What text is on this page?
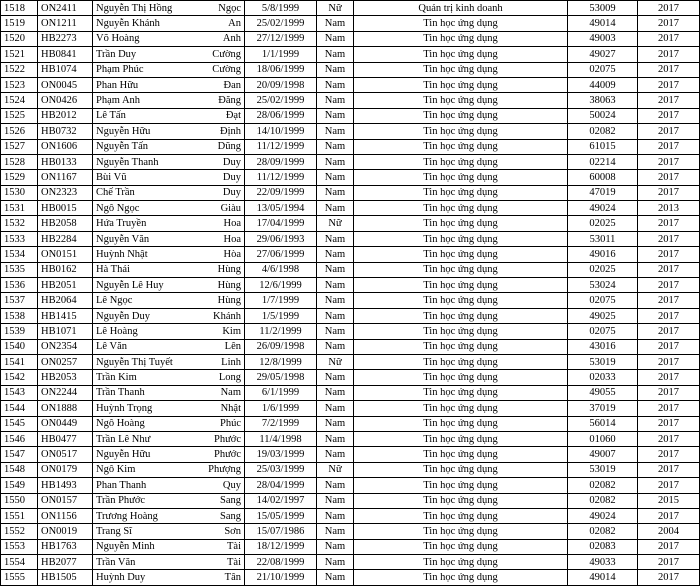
1518	ON2411	Nguyễn Thị Hồng	Ngọc	5/8/1999	Nữ	Quản trị kinh doanh	53009	2017
1519	ON1211	Nguyễn Khánh	An	25/02/1999	Nam	Tin học ứng dụng	49014	2017
1520	HB2273	Võ Hoàng	Anh	27/12/1999	Nam	Tin học ứng dụng	49003	2017
1521	HB0841	Trần Duy	Cường	1/1/1999	Nam	Tin học ứng dụng	49027	2017
1522	HB1074	Phạm Phúc	Cường	18/06/1999	Nam	Tin học ứng dụng	02075	2017
1523	ON0045	Phan Hữu	Đan	20/09/1998	Nam	Tin học ứng dụng	44009	2017
1524	ON0426	Phạm Anh	Đăng	25/02/1999	Nam	Tin học ứng dụng	38063	2017
1525	HB2012	Lê Tấn	Đạt	28/06/1999	Nam	Tin học ứng dụng	50024	2017
1526	HB0732	Nguyễn Hữu	Định	14/10/1999	Nam	Tin học ứng dụng	02082	2017
1527	ON1606	Nguyễn Tấn	Dũng	11/12/1999	Nam	Tin học ứng dụng	61015	2017
1528	HB0133	Nguyễn Thanh	Duy	28/09/1999	Nam	Tin học ứng dụng	02214	2017
1529	ON1167	Bùi Vũ	Duy	11/12/1999	Nam	Tin học ứng dụng	60008	2017
1530	ON2323	Chế Trần	Duy	22/09/1999	Nam	Tin học ứng dụng	47019	2017
1531	HB0015	Ngô Ngọc	Giàu	13/05/1994	Nam	Tin học ứng dụng	49024	2013
1532	HB2058	Hứa Truyền	Hoa	17/04/1999	Nữ	Tin học ứng dụng	02025	2017
1533	HB2284	Nguyễn Văn	Hoa	29/06/1993	Nam	Tin học ứng dụng	53011	2017
1534	ON0151	Huỳnh Nhật	Hòa	27/06/1999	Nam	Tin học ứng dụng	49016	2017
1535	HB0162	Hà Thái	Hùng	4/6/1998	Nam	Tin học ứng dụng	02025	2017
1536	HB2051	Nguyễn Lê Huy	Hùng	12/6/1999	Nam	Tin học ứng dụng	53024	2017
1537	HB2064	Lê Ngọc	Hùng	1/7/1999	Nam	Tin học ứng dụng	02075	2017
1538	HB1415	Nguyễn Duy	Khánh	1/5/1999	Nam	Tin học ứng dụng	49025	2017
1539	HB1071	Lê Hoàng	Kim	11/2/1999	Nam	Tin học ứng dụng	02075	2017
1540	ON2354	Lê Văn	Lên	26/09/1998	Nam	Tin học ứng dụng	43016	2017
1541	ON0257	Nguyễn Thị Tuyết	Linh	12/8/1999	Nữ	Tin học ứng dụng	53019	2017
1542	HB2053	Trần Kim	Long	29/05/1998	Nam	Tin học ứng dụng	02033	2017
1543	ON2244	Trần Thanh	Nam	6/1/1999	Nam	Tin học ứng dụng	49055	2017
1544	ON1888	Huỳnh Trọng	Nhật	1/6/1999	Nam	Tin học ứng dụng	37019	2017
1545	ON0449	Ngô Hoàng	Phúc	7/2/1999	Nam	Tin học ứng dụng	56014	2017
1546	HB0477	Trần Lê Như	Phước	11/4/1998	Nam	Tin học ứng dụng	01060	2017
1547	ON0517	Nguyễn Hữu	Phước	19/03/1999	Nam	Tin học ứng dụng	49007	2017
1548	ON0179	Ngô Kim	Phượng	25/03/1999	Nữ	Tin học ứng dụng	53019	2017
1549	HB1493	Phan Thanh	Quy	28/04/1999	Nam	Tin học ứng dụng	02082	2017
1550	ON0157	Trần Phước	Sang	14/02/1997	Nam	Tin học ứng dụng	02082	2015
1551	ON1156	Trương Hoàng	Sang	15/05/1999	Nam	Tin học ứng dụng	49024	2017
1552	ON0019	Trang Sĩ	Sơn	15/07/1986	Nam	Tin học ứng dụng	02082	2004
1553	HB1763	Nguyễn Minh	Tài	18/12/1999	Nam	Tin học ứng dụng	02083	2017
1554	HB2077	Trần Văn	Tài	22/08/1999	Nam	Tin học ứng dụng	49033	2017
1555	HB1505	Huỳnh Duy	Tân	21/10/1999	Nam	Tin học ứng dụng	49014	2017
